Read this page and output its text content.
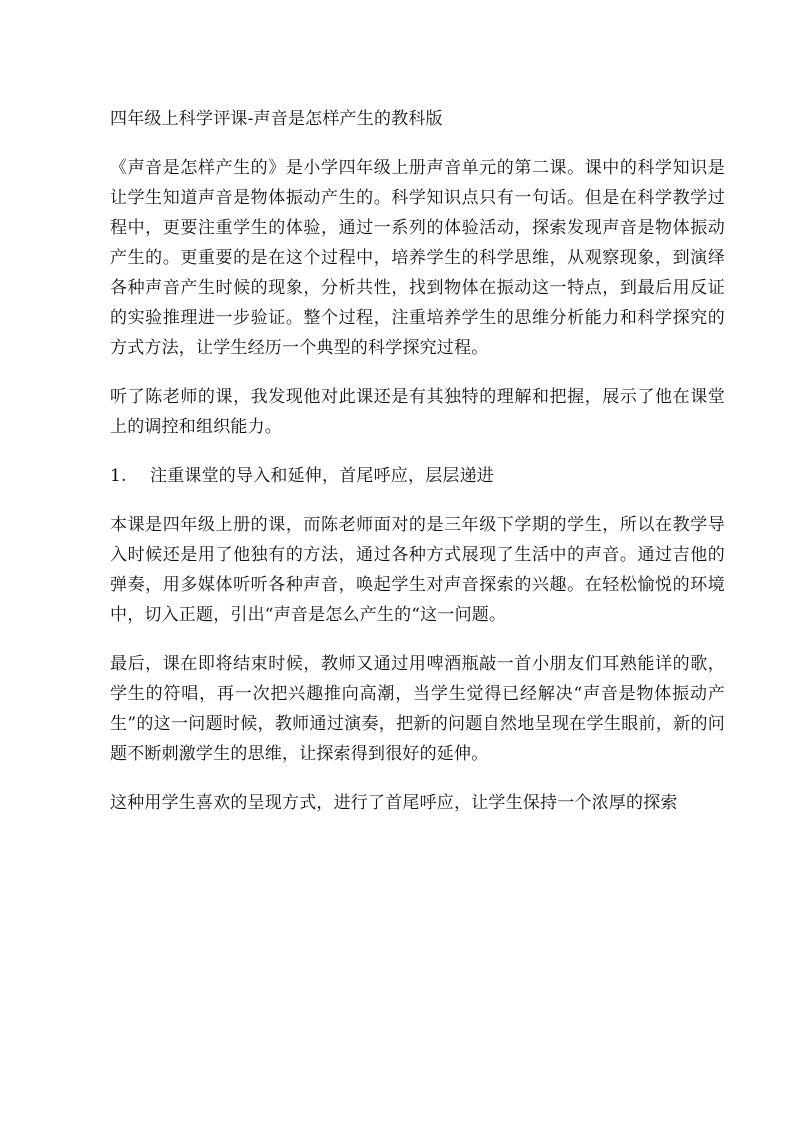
四年级上科学评课-声音是怎样产生的教科版

《声音是怎样产生的》是小学四年级上册声音单元的第二课。课中的科学知识是让学生知道声音是物体振动产生的。科学知识点只有一句话。但是在科学教学过程中，更要注重学生的体验，通过一系列的体验活动，探索发现声音是物体振动产生的。更重要的是在这个过程中，培养学生的科学思维，从观察现象，到演绎各种声音产生时候的现象，分析共性，找到物体在振动这一特点，到最后用反证的实验推理进一步验证。整个过程，注重培养学生的思维分析能力和科学探究的方式方法，让学生经历一个典型的科学探究过程。

听了陈老师的课，我发现他对此课还是有其独特的理解和把握，展示了他在课堂上的调控和组织能力。

1.	注重课堂的导入和延伸，首尾呼应，层层递进

本课是四年级上册的课，而陈老师面对的是三年级下学期的学生，所以在教学导入时候还是用了他独有的方法，通过各种方式展现了生活中的声音。通过吉他的弹奏，用多媒体听听各种声音，唤起学生对声音探索的兴趣。在轻松愉悦的环境中，切入正题，引出“声音是怎么产生的“这一问题。

最后，课在即将结束时候，教师又通过用啤酒瓶敲一首小朋友们耳熟能详的歌，学生的符唱，再一次把兴趣推向高潮，当学生觉得已经解决“声音是物体振动产生”的这一问题时候，教师通过演奏，把新的问题自然地呈现在学生眼前，新的问题不断刺激学生的思维，让探索得到很好的延伸。

这种用学生喜欢的呈现方式，进行了首尾呼应，让学生保持一个浓厚的探索
